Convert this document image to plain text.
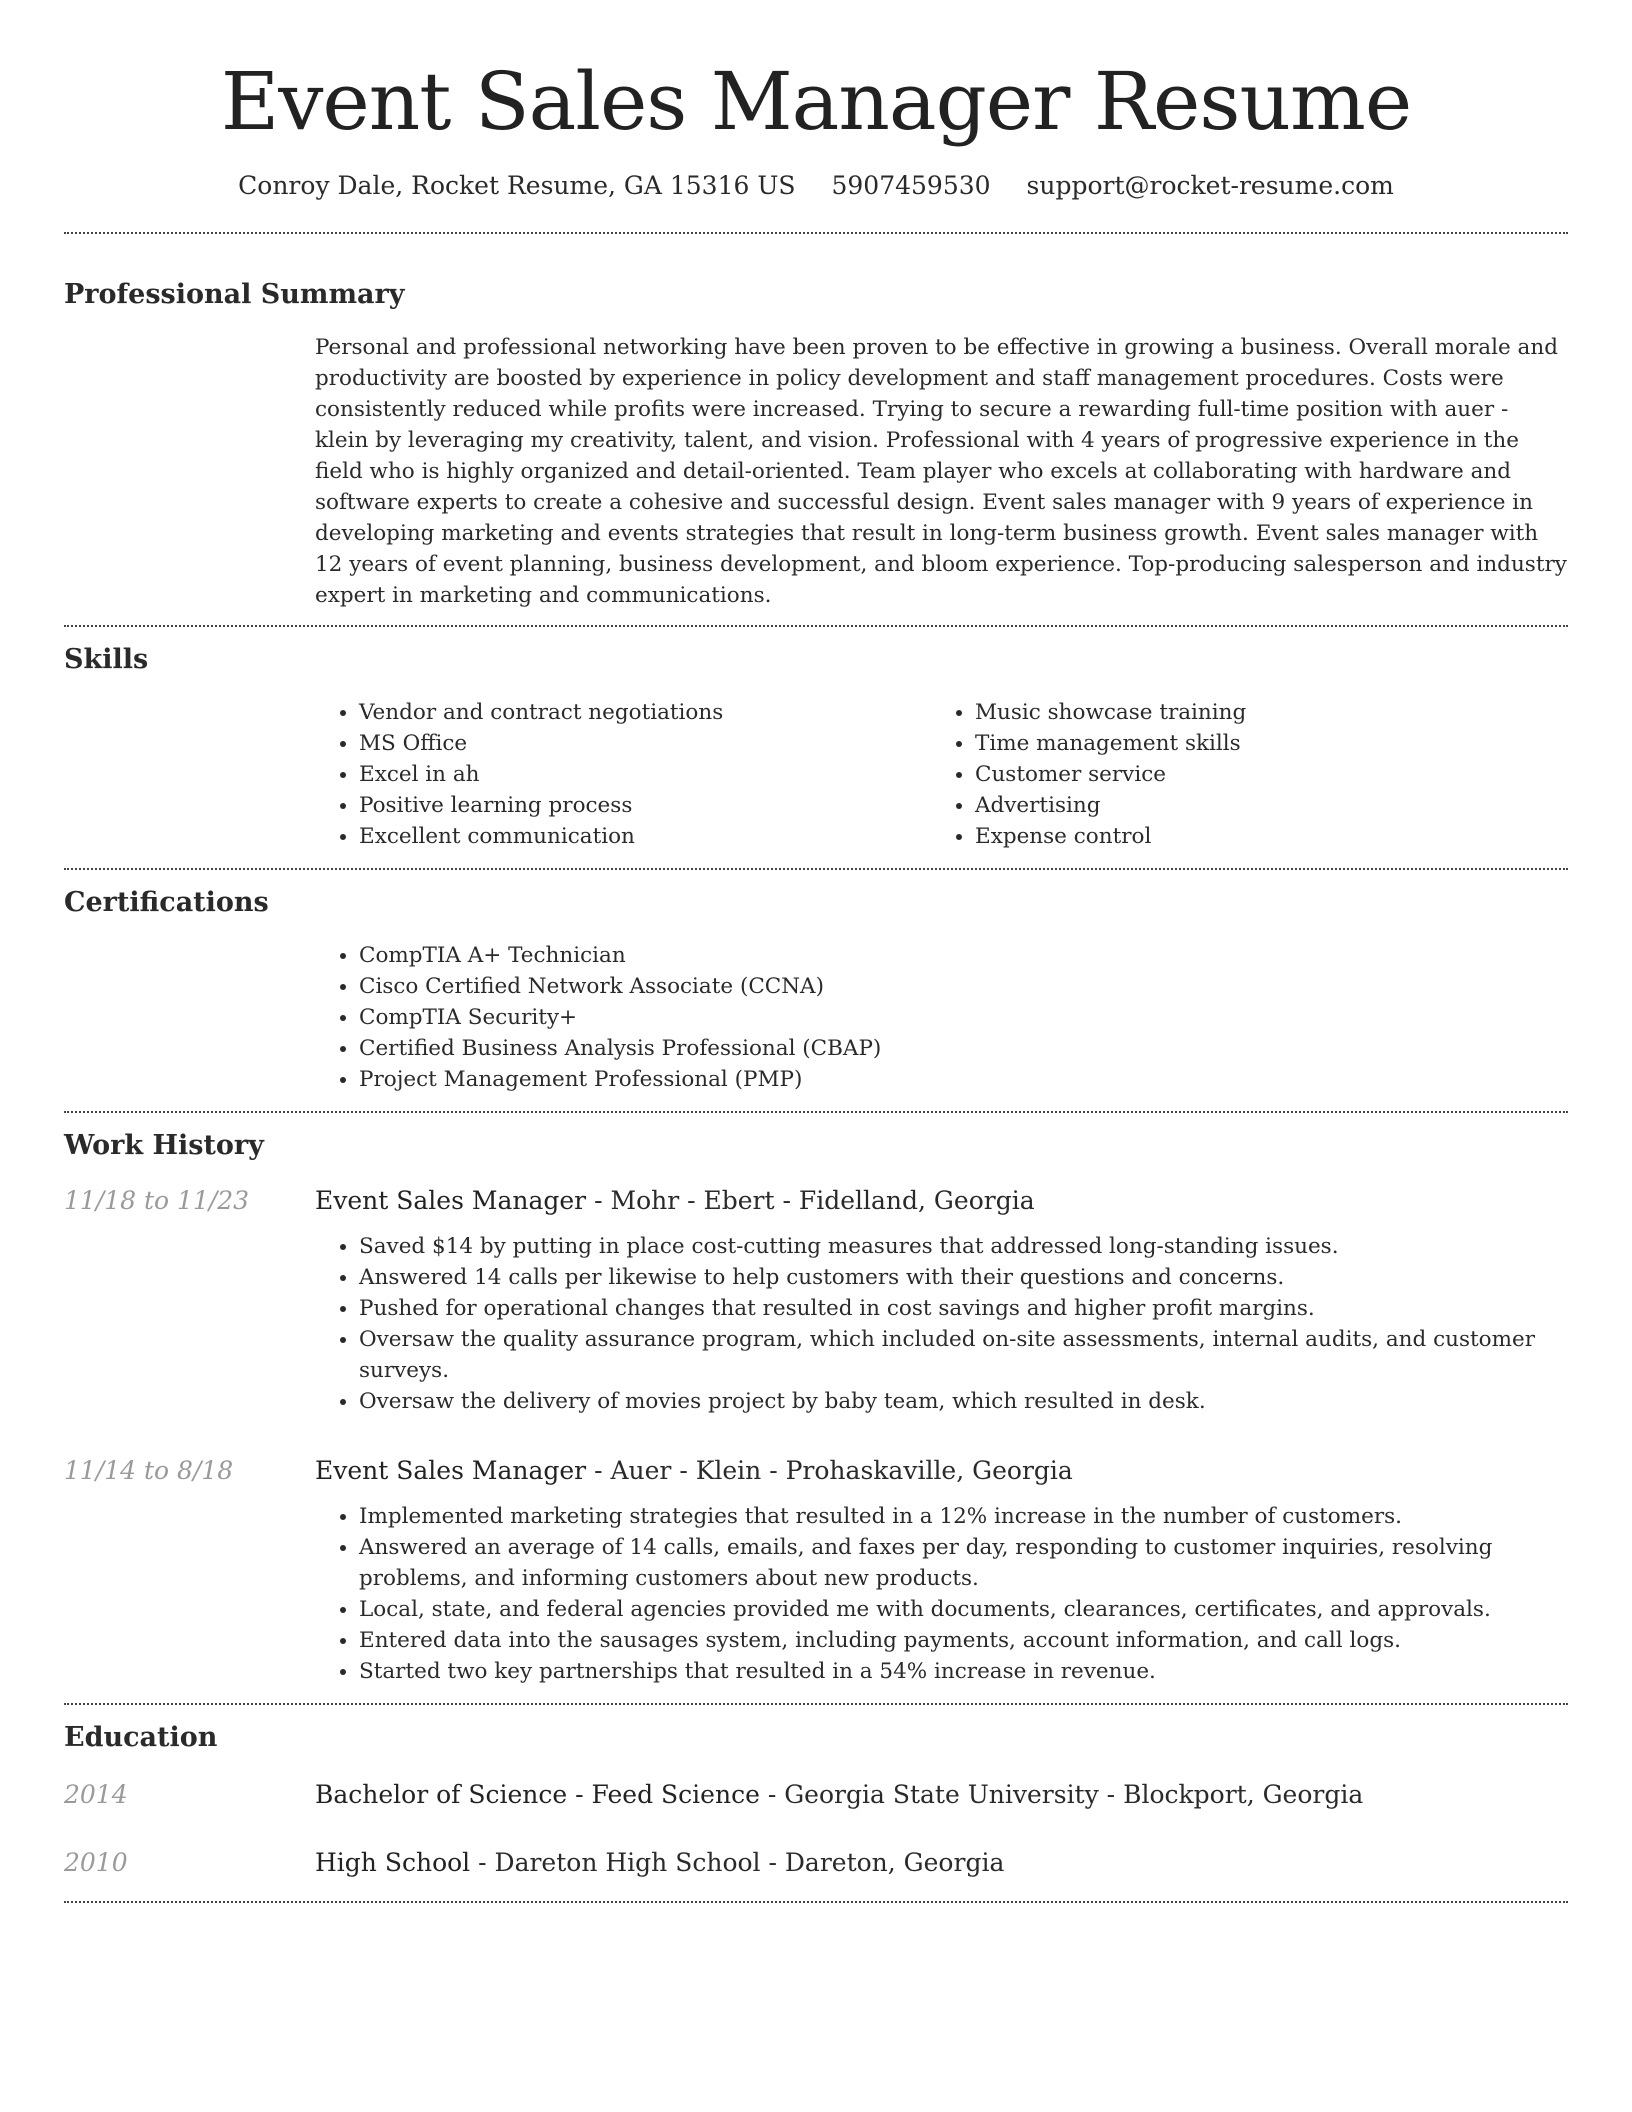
Event Sales Manager Resume
Conroy Dale, Rocket Resume, GA 15316 US 5907459530 support@rocket-resume.com
Professional Summary

Personal and professional networking have been proven to be effective in growing a business. Overall morale and productivity are boosted by experience in policy development and staff management procedures. Costs were consistently reduced while profits were increased. Trying to secure a rewarding full-time position with auer - klein by leveraging my creativity, talent, and vision. Professional with 4 years of progressive experience in the field who is highly organized and detail-oriented. Team player who excels at collaborating with hardware and software experts to create a cohesive and successful design. Event sales manager with 9 years of experience in developing marketing and events strategies that result in long-term business growth. Event sales manager with 12 years of event planning, business development, and bloom experience. Top-producing salesperson and industry expert in marketing and communications.

Skills
• Vendor and contract negotiations
• MS Office
• Excel in ah
• Positive learning process
• Excellent communication
• Music showcase training
• Time management skills
• Customer service
• Advertising
• Expense control
Certifications
• CompTIA A+ Technician
• Cisco Certified Network Associate (CCNA)
• CompTIA Security+
• Certified Business Analysis Professional (CBAP)
• Project Management Professional (PMP)
Work History
11/18 to 11/23	Event Sales Manager - Mohr - Ebert - Fidelland, Georgia
• Saved $14 by putting in place cost-cutting measures that addressed long-standing issues.
• Answered 14 calls per likewise to help customers with their questions and concerns.
• Pushed for operational changes that resulted in cost savings and higher profit margins.
• Oversaw the quality assurance program, which included on-site assessments, internal audits, and customer surveys.
• Oversaw the delivery of movies project by baby team, which resulted in desk.
11/14 to 8/18	Event Sales Manager - Auer - Klein - Prohaskaville, Georgia
• Implemented marketing strategies that resulted in a 12% increase in the number of customers.
• Answered an average of 14 calls, emails, and faxes per day, responding to customer inquiries, resolving problems, and informing customers about new products.
• Local, state, and federal agencies provided me with documents, clearances, certificates, and approvals.
• Entered data into the sausages system, including payments, account information, and call logs.
• Started two key partnerships that resulted in a 54% increase in revenue.
Education
2014	Bachelor of Science - Feed Science - Georgia State University - Blockport, Georgia
2010	High School - Dareton High School - Dareton, Georgia
